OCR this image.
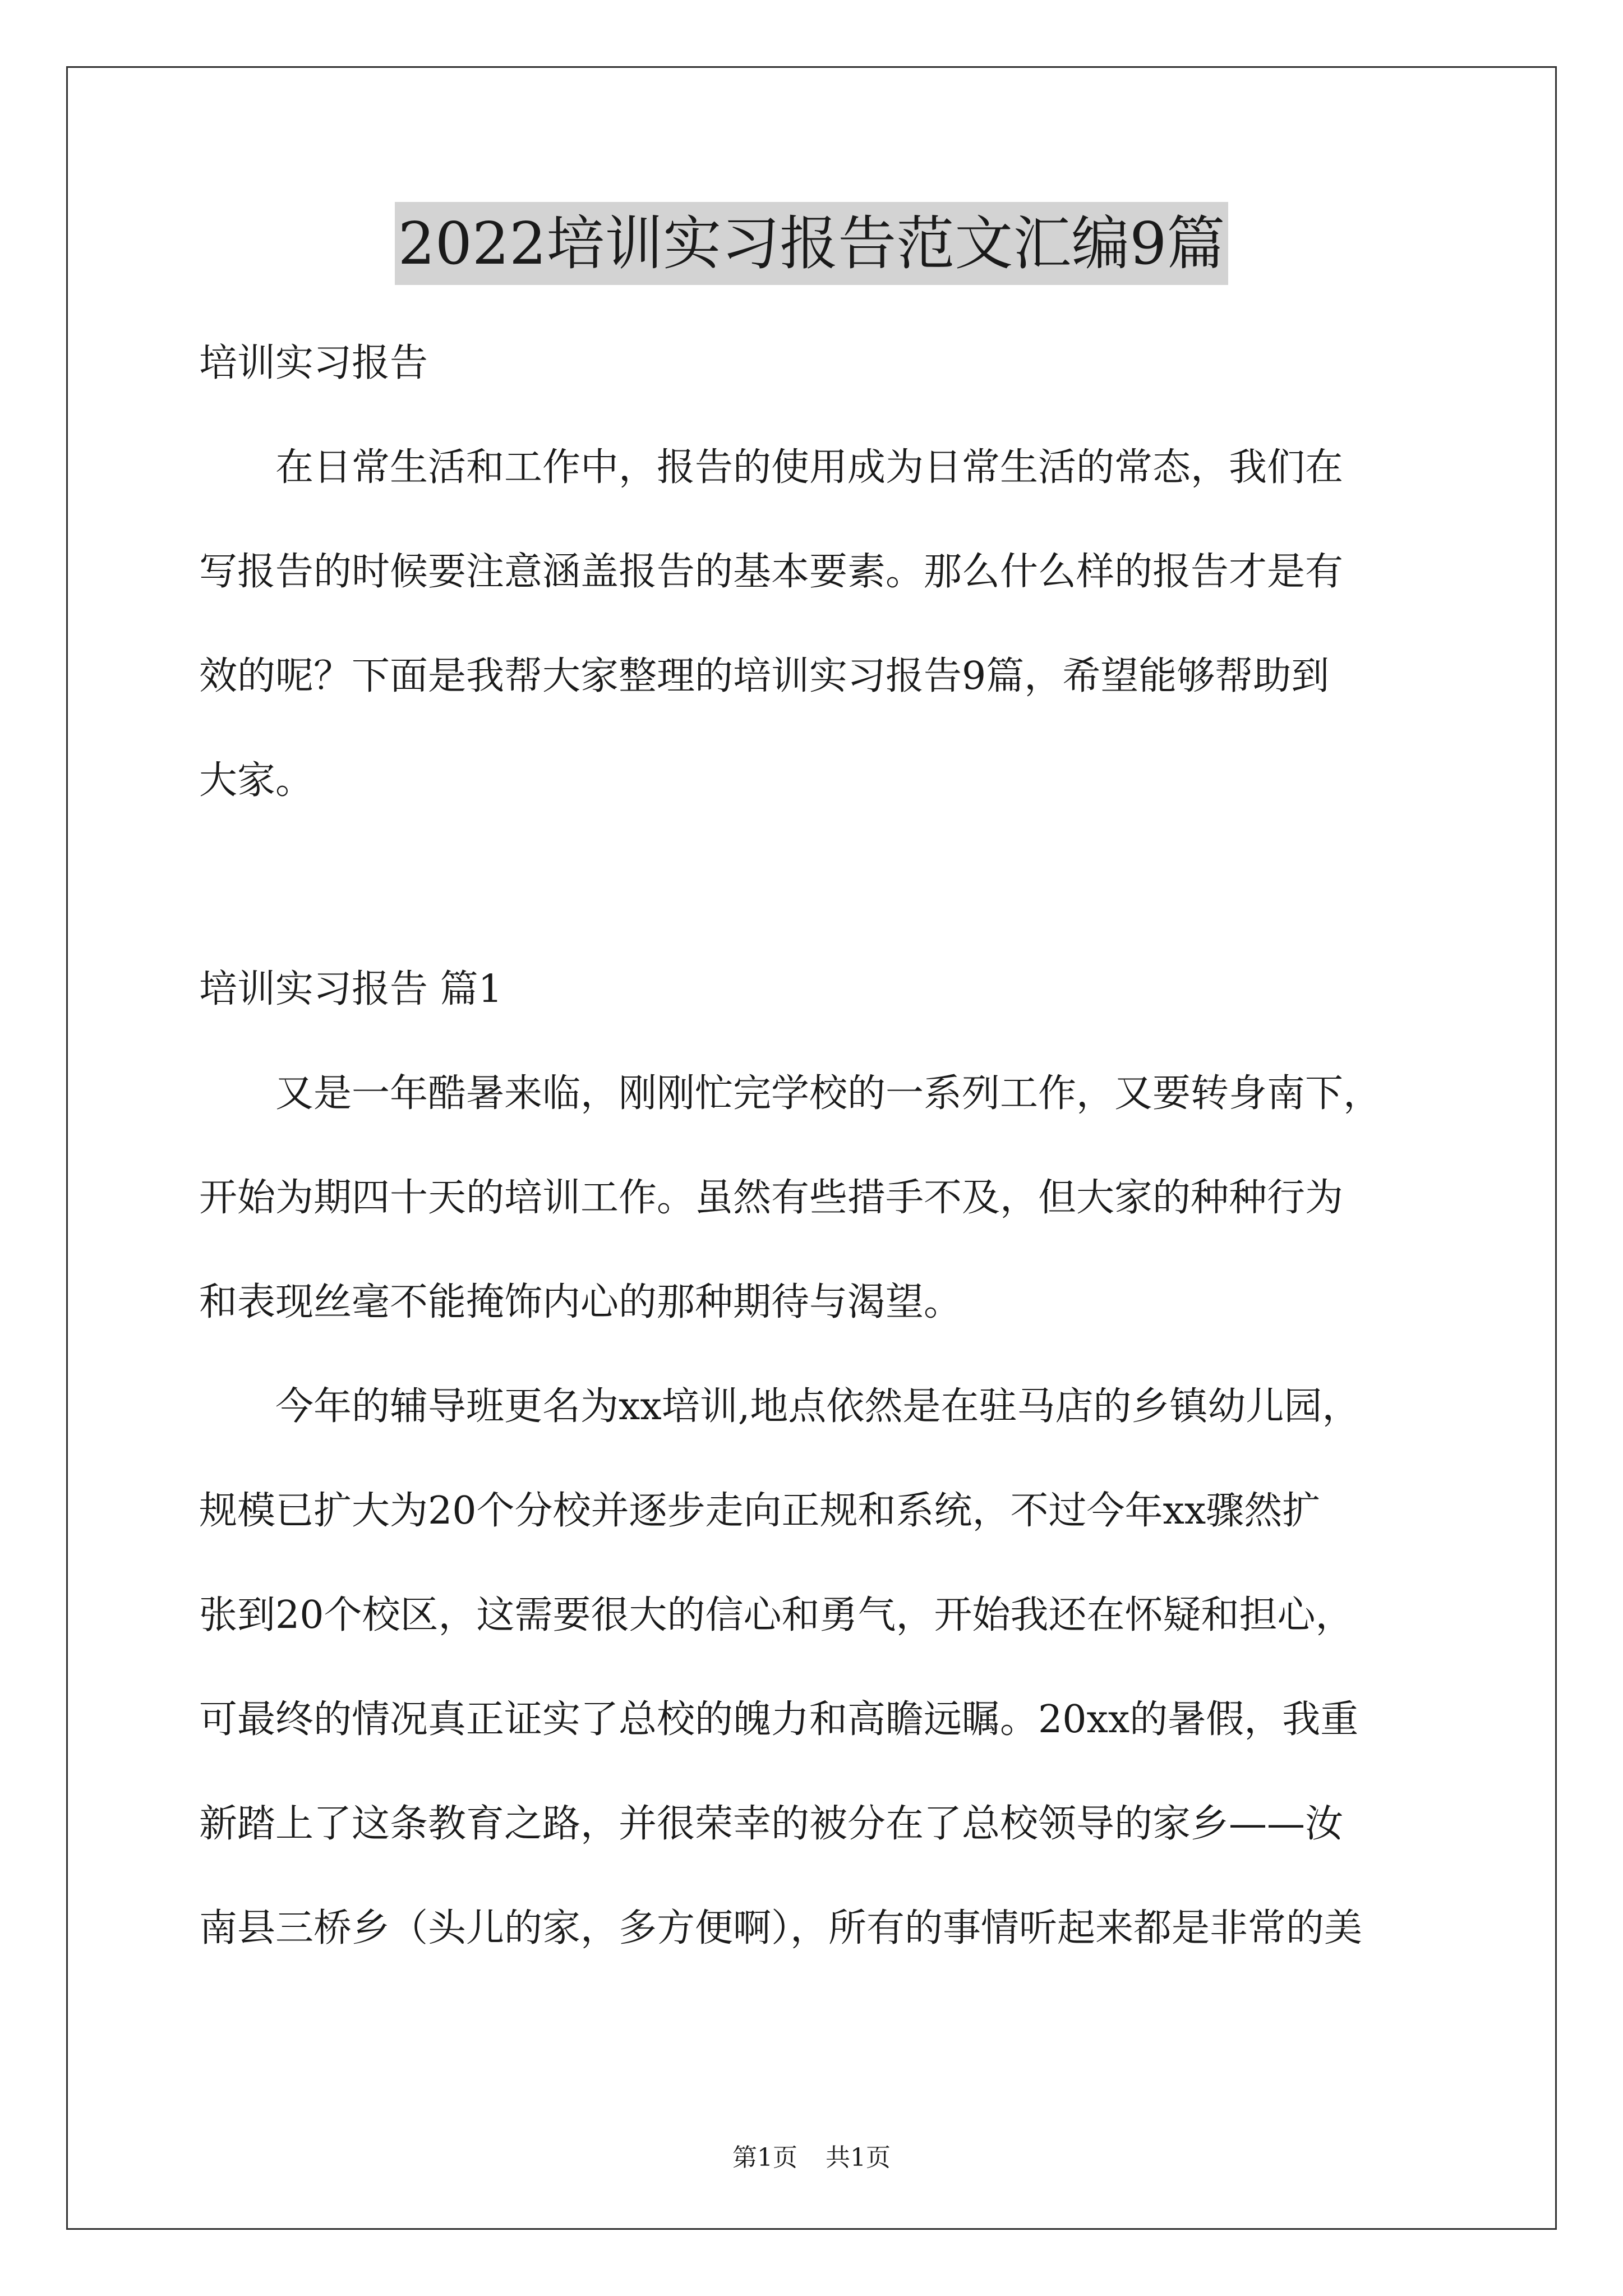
2022培训实习报告范文汇编9篇
培训实习报告
　　在日常生活和工作中，报告的使用成为日常生活的常态，我们在
写报告的时候要注意涵盖报告的基本要素。那么什么样的报告才是有
效的呢？下面是我帮大家整理的培训实习报告9篇，希望能够帮助到
大家。
培训实习报告 篇1
　　又是一年酷暑来临，刚刚忙完学校的一系列工作，又要转身南下，
开始为期四十天的培训工作。虽然有些措手不及，但大家的种种行为
和表现丝毫不能掩饰内心的那种期待与渴望。
　　今年的辅导班更名为xx培训,地点依然是在驻马店的乡镇幼儿园，
规模已扩大为20个分校并逐步走向正规和系统，不过今年xx骤然扩
张到20个校区，这需要很大的信心和勇气，开始我还在怀疑和担心，
可最终的情况真正证实了总校的魄力和高瞻远瞩。20xx的暑假，我重
新踏上了这条教育之路，并很荣幸的被分在了总校领导的家乡——汝
南县三桥乡（头儿的家，多方便啊），所有的事情听起来都是非常的美
第1页 共1页
